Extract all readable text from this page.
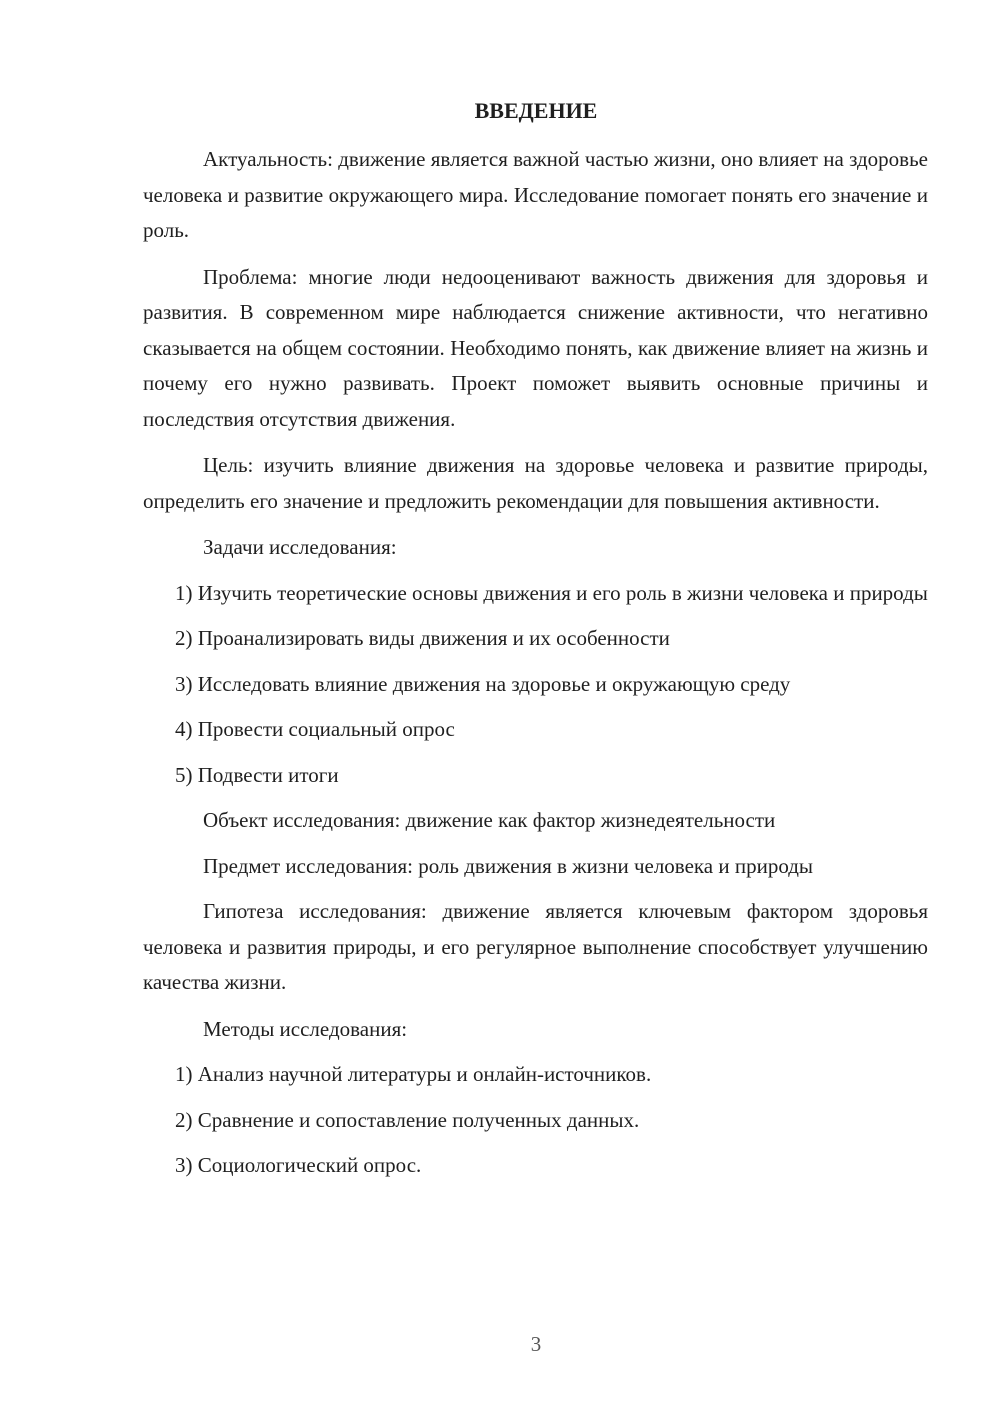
ВВЕДЕНИЕ

Актуальность: движение является важной частью жизни, оно влияет на здоровье человека и развитие окружающего мира. Исследование помогает понять его значение и роль.

Проблема: многие люди недооценивают важность движения для здоровья и развития. В современном мире наблюдается снижение активности, что негативно сказывается на общем состоянии. Необходимо понять, как движение влияет на жизнь и почему его нужно развивать. Проект поможет выявить основные причины и последствия отсутствия движения.

Цель: изучить влияние движения на здоровье человека и развитие природы, определить его значение и предложить рекомендации для повышения активности.

Задачи исследования:

1) Изучить теоретические основы движения и его роль в жизни человека и природы

2) Проанализировать виды движения и их особенности

3) Исследовать влияние движения на здоровье и окружающую среду

4) Провести социальный опрос

5) Подвести итоги

Объект исследования: движение как фактор жизнедеятельности

Предмет исследования: роль движения в жизни человека и природы

Гипотеза исследования: движение является ключевым фактором здоровья человека и развития природы, и его регулярное выполнение способствует улучшению качества жизни.

Методы исследования:

1) Анализ научной литературы и онлайн-источников.

2) Сравнение и сопоставление полученных данных.

3) Социологический опрос.

3
